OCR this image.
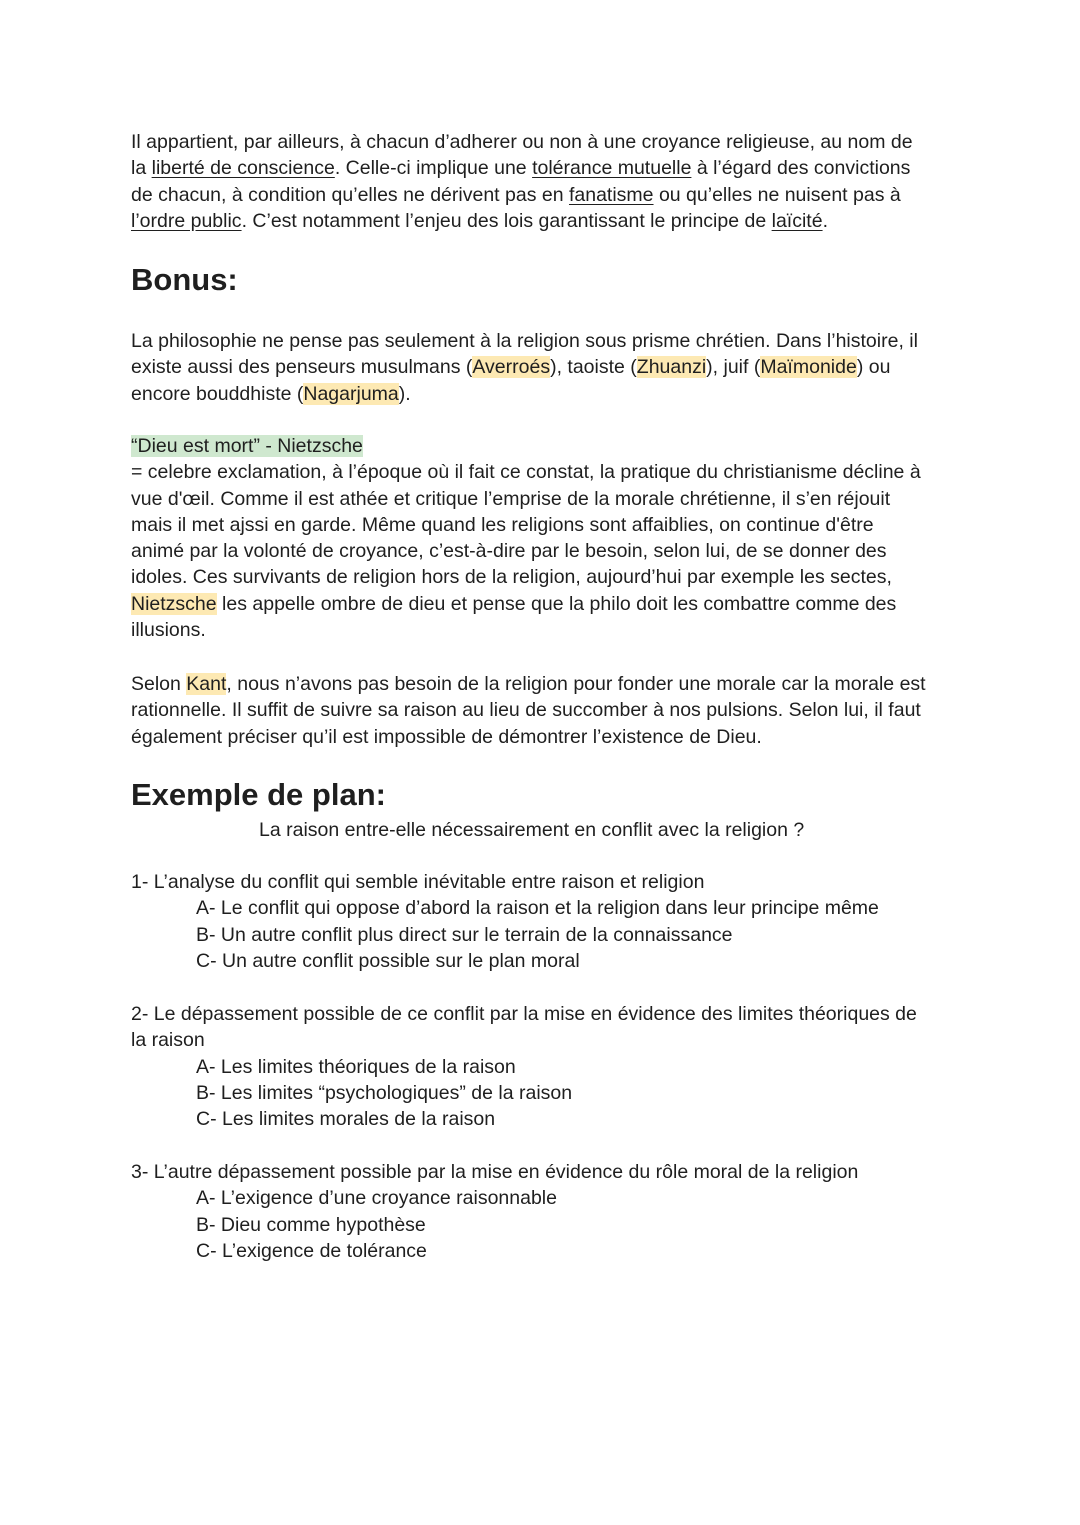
Il appartient, par ailleurs, à chacun d’adherer ou non à une croyance religieuse, au nom de
la liberté de conscience. Celle-ci implique une tolérance mutuelle à l’égard des convictions
de chacun, à condition qu’elles ne dérivent pas en fanatisme ou qu’elles ne nuisent pas à
l’ordre public. C’est notamment l’enjeu des lois garantissant le principe de laïcité.
Bonus:
La philosophie ne pense pas seulement à la religion sous prisme chrétien. Dans l’histoire, il
existe aussi des penseurs musulmans (Averroés), taoiste (Zhuanzi), juif (Maïmonide) ou
encore bouddhiste (Nagarjuma).
“Dieu est mort” - Nietzsche
= celebre exclamation, à l’époque où il fait ce constat, la pratique du christianisme décline à
vue d'œil. Comme il est athée et critique l’emprise de la morale chrétienne, il s’en réjouit
mais il met ajssi en garde. Même quand les religions sont affaiblies, on continue d'être
animé par la volonté de croyance, c’est-à-dire par le besoin, selon lui, de se donner des
idoles. Ces survivants de religion hors de la religion, aujourd’hui par exemple les sectes,
Nietzsche les appelle ombre de dieu et pense que la philo doit les combattre comme des
illusions.
Selon Kant, nous n’avons pas besoin de la religion pour fonder une morale car la morale est
rationnelle. Il suffit de suivre sa raison au lieu de succomber à nos pulsions. Selon lui, il faut
également préciser qu’il est impossible de démontrer l’existence de Dieu.
Exemple de plan:
La raison entre-elle nécessairement en conflit avec la religion ?
1- L’analyse du conflit qui semble inévitable entre raison et religion
A- Le conflit qui oppose d’abord la raison et la religion dans leur principe même
B- Un autre conflit plus direct sur le terrain de la connaissance
C- Un autre conflit possible sur le plan moral
2- Le dépassement possible de ce conflit par la mise en évidence des limites théoriques de
la raison
A- Les limites théoriques de la raison
B- Les limites “psychologiques” de la raison
C- Les limites morales de la raison
3- L’autre dépassement possible par la mise en évidence du rôle moral de la religion
A- L’exigence d’une croyance raisonnable
B- Dieu comme hypothèse
C- L’exigence de tolérance
